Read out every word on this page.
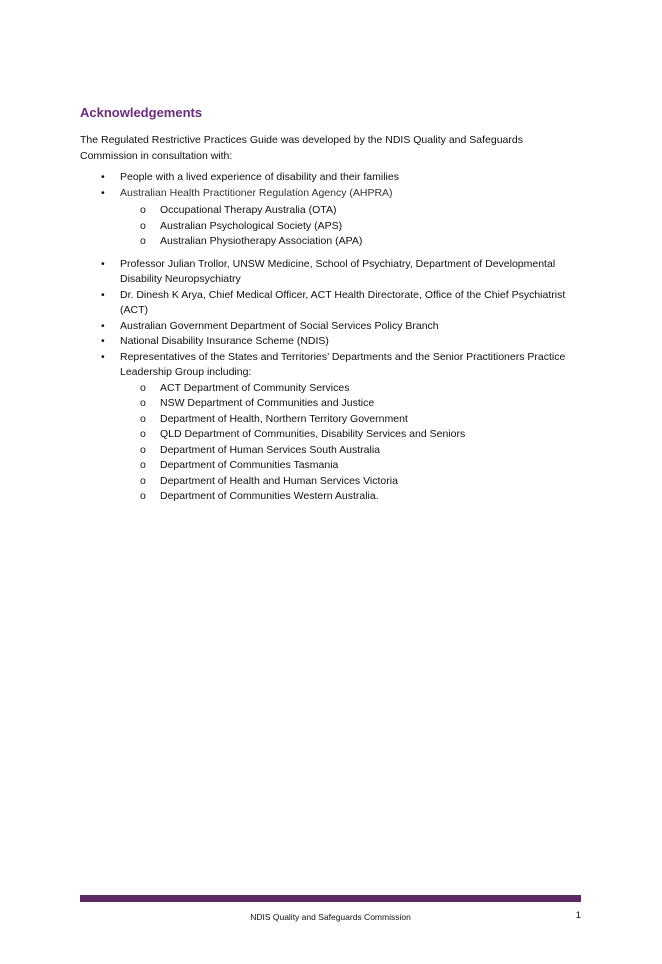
Acknowledgements

The Regulated Restrictive Practices Guide was developed by the NDIS Quality and Safeguards Commission in consultation with:

• People with a lived experience of disability and their families
• Australian Health Practitioner Regulation Agency (AHPRA)
o Occupational Therapy Australia (OTA)
o Australian Psychological Society (APS)
o Australian Physiotherapy Association (APA)
• Professor Julian Trollor, UNSW Medicine, School of Psychiatry, Department of Developmental Disability Neuropsychiatry
• Dr. Dinesh K Arya, Chief Medical Officer, ACT Health Directorate, Office of the Chief Psychiatrist (ACT)
• Australian Government Department of Social Services Policy Branch
• National Disability Insurance Scheme (NDIS)
• Representatives of the States and Territories’ Departments and the Senior Practitioners Practice Leadership Group including:
o ACT Department of Community Services
o NSW Department of Communities and Justice
o Department of Health, Northern Territory Government
o QLD Department of Communities, Disability Services and Seniors
o Department of Human Services South Australia
o Department of Communities Tasmania
o Department of Health and Human Services Victoria
o Department of Communities Western Australia.
NDIS Quality and Safeguards Commission	1
